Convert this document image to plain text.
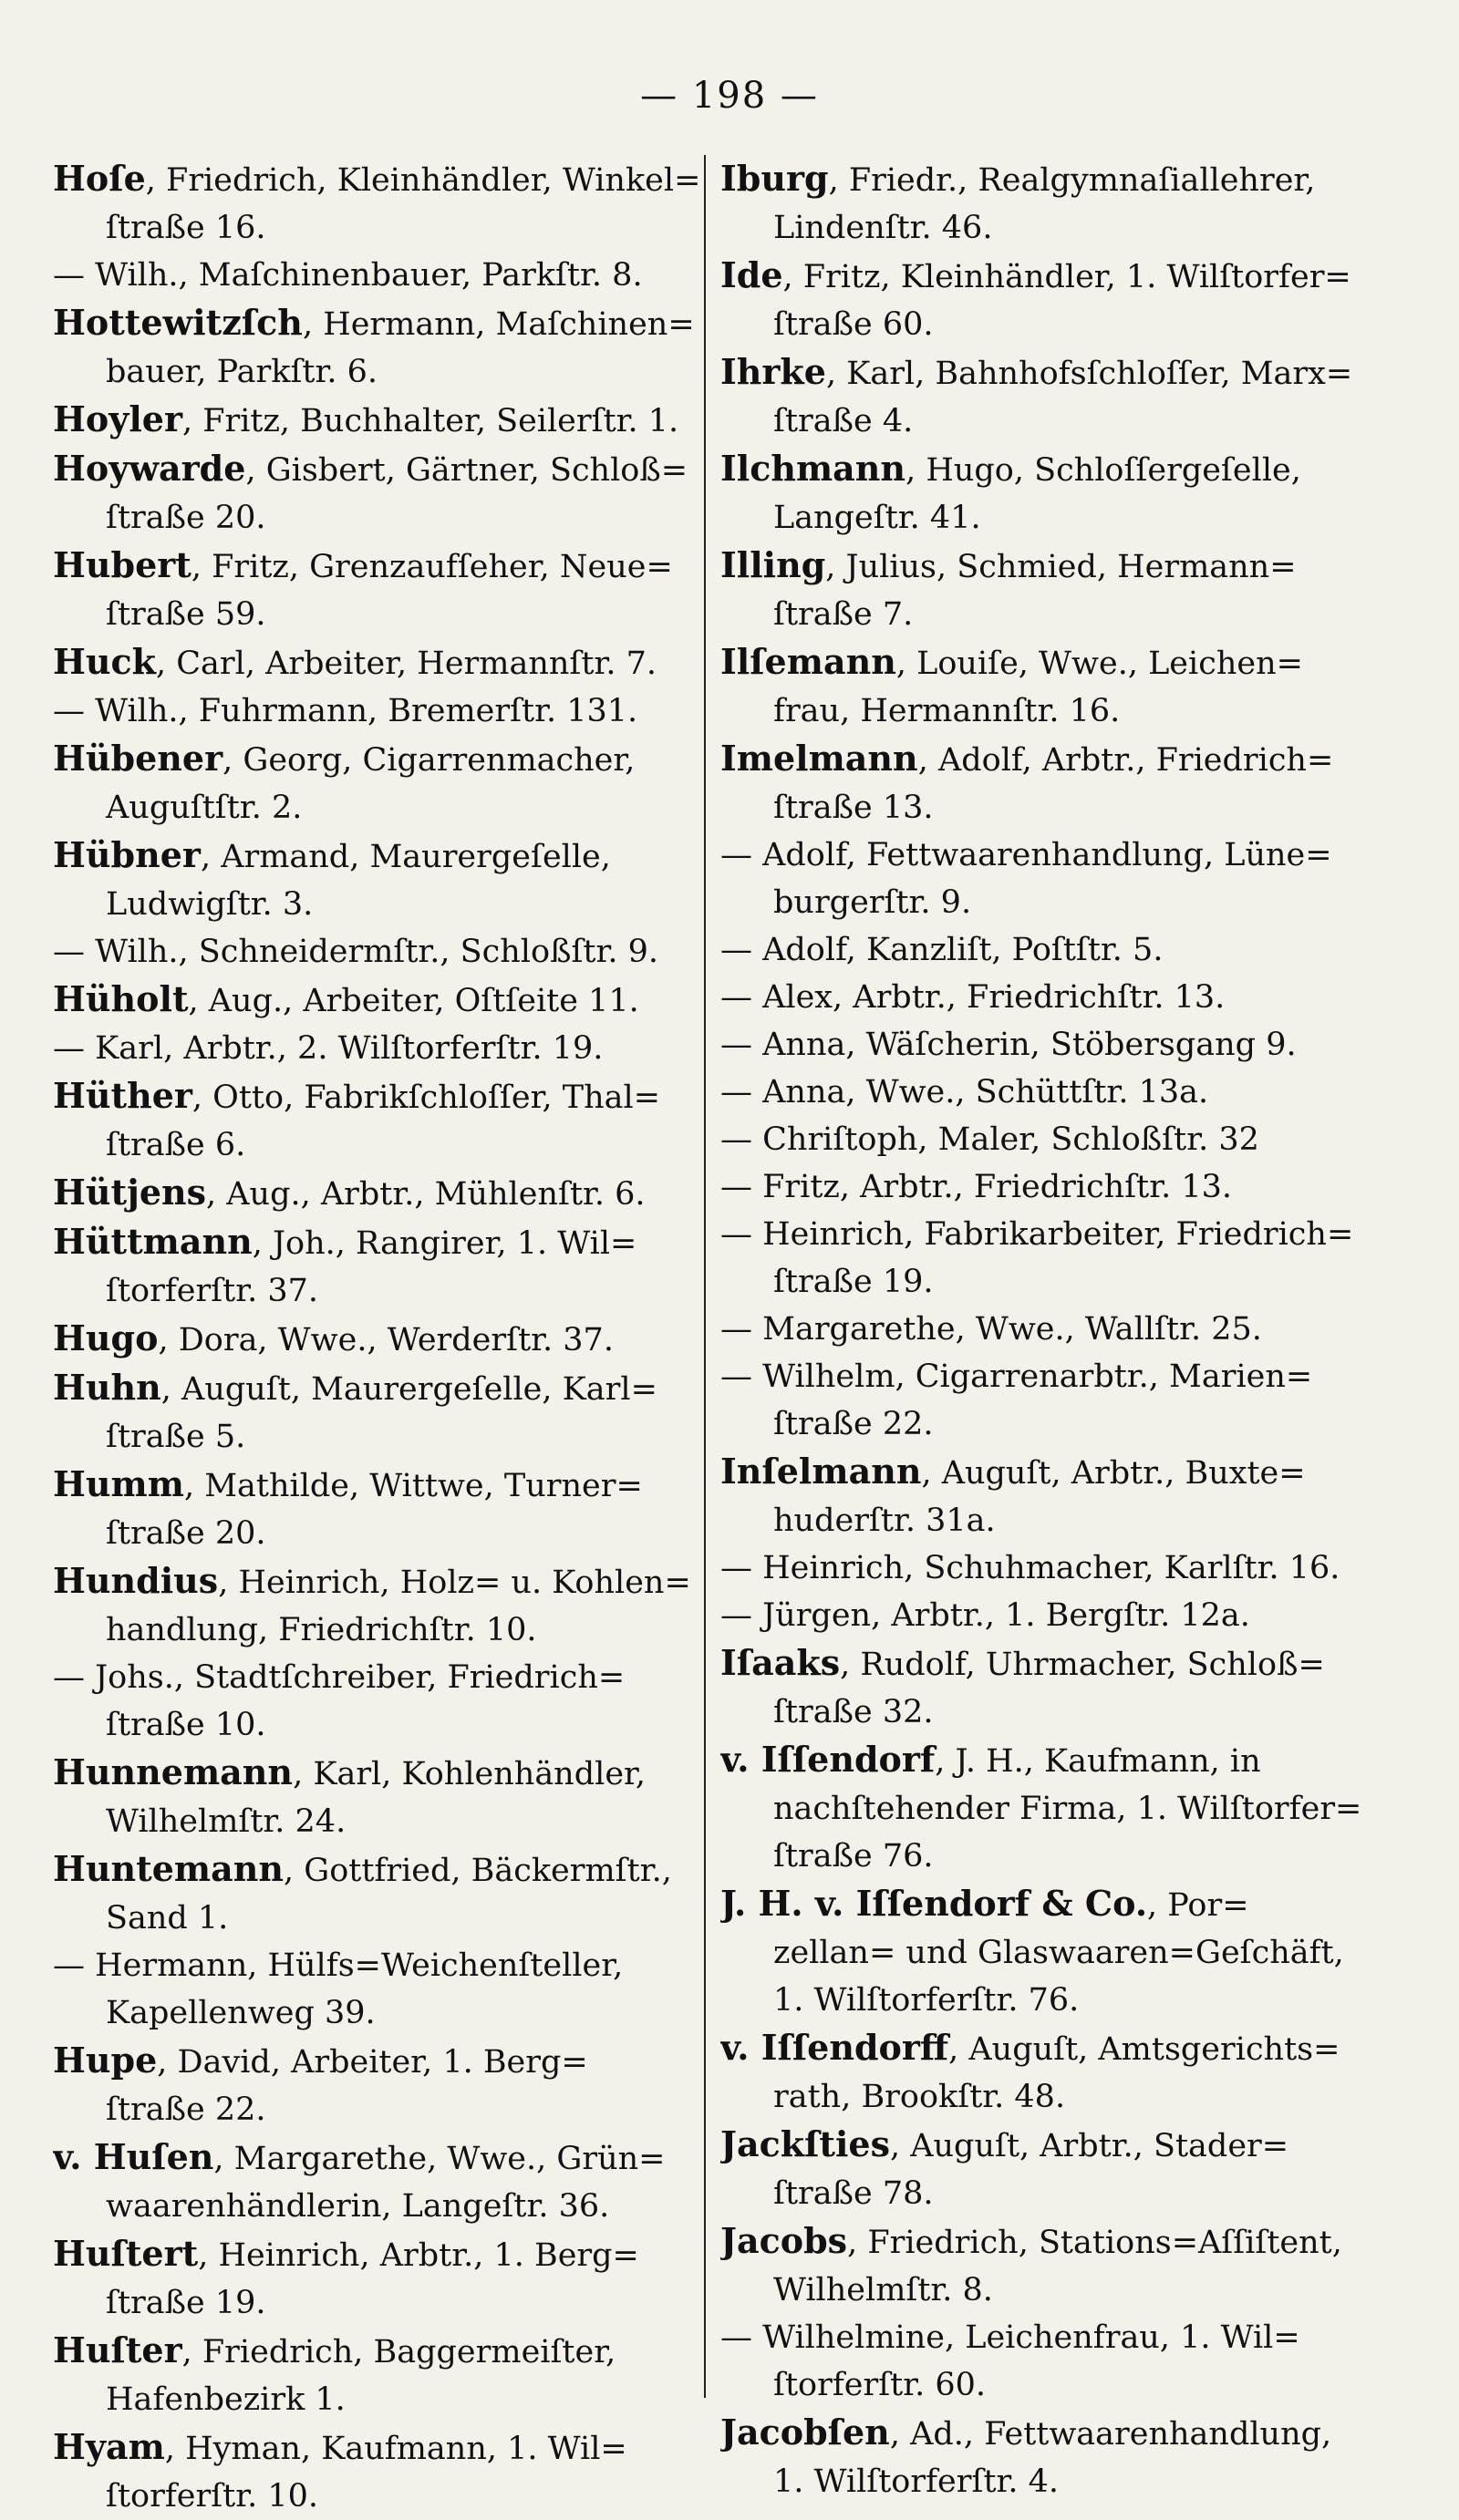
— 198 —

Hoſe, Friedrich, Kleinhändler, Winkel=
ſtraße 16.

— Wilh., Maſchinenbauer, Parkſtr. 8.

Hottewitzſch, Hermann, Maſchinen=
bauer, Parkſtr. 6.

Hoyler, Fritz, Buchhalter, Seilerſtr. 1.

Hoywarde, Gisbert, Gärtner, Schloß=
ſtraße 20.

Hubert, Fritz, Grenzaufſeher, Neue=
ſtraße 59.

Huck, Carl, Arbeiter, Hermannſtr. 7.

— Wilh., Fuhrmann, Bremerſtr. 131.

Hübener, Georg, Cigarrenmacher,
Auguſtſtr. 2.

Hübner, Armand, Maurergeſelle,
Ludwigſtr. 3.

— Wilh., Schneidermſtr., Schloßſtr. 9.

Hüholt, Aug., Arbeiter, Oſtſeite 11.

— Karl, Arbtr., 2. Wilſtorferſtr. 19.

Hüther, Otto, Fabrikſchloſſer, Thal=
ſtraße 6.

Hütjens, Aug., Arbtr., Mühlenſtr. 6.

Hüttmann, Joh., Rangirer, 1. Wil=
ſtorferſtr. 37.

Hugo, Dora, Wwe., Werderſtr. 37.

Huhn, Auguſt, Maurergeſelle, Karl=
ſtraße 5.

Humm, Mathilde, Wittwe, Turner=
ſtraße 20.

Hundius, Heinrich, Holz= u. Kohlen=
handlung, Friedrichſtr. 10.

— Johs., Stadtſchreiber, Friedrich=
ſtraße 10.

Hunnemann, Karl, Kohlenhändler,
Wilhelmſtr. 24.

Huntemann, Gottfried, Bäckermſtr.,
Sand 1.

— Hermann, Hülfs=Weichenſteller,
Kapellenweg 39.

Hupe, David, Arbeiter, 1. Berg=
ſtraße 22.

v. Huſen, Margarethe, Wwe., Grün=
waarenhändlerin, Langeſtr. 36.

Huſtert, Heinrich, Arbtr., 1. Berg=
ſtraße 19.

Huſter, Friedrich, Baggermeiſter,
Hafenbezirk 1.

Hyam, Hyman, Kaufmann, 1. Wil=
ſtorferſtr. 10.

Iburg, Friedr., Realgymnaſiallehrer,
Lindenſtr. 46.

Ide, Fritz, Kleinhändler, 1. Wilſtorfer=
ſtraße 60.

Ihrke, Karl, Bahnhofsſchloſſer, Marx=
ſtraße 4.

Ilchmann, Hugo, Schloſſergeſelle,
Langeſtr. 41.

Illing, Julius, Schmied, Hermann=
ſtraße 7.

Ilſemann, Louiſe, Wwe., Leichen=
frau, Hermannſtr. 16.

Imelmann, Adolf, Arbtr., Friedrich=
ſtraße 13.

— Adolf, Fettwaarenhandlung, Lüne=
burgerſtr. 9.

— Adolf, Kanzliſt, Poſtſtr. 5.

— Alex, Arbtr., Friedrichſtr. 13.

— Anna, Wäſcherin, Stöbersgang 9.

— Anna, Wwe., Schüttſtr. 13a.

— Chriſtoph, Maler, Schloßſtr. 32

— Fritz, Arbtr., Friedrichſtr. 13.

— Heinrich, Fabrikarbeiter, Friedrich=
ſtraße 19.

— Margarethe, Wwe., Wallſtr. 25.

— Wilhelm, Cigarrenarbtr., Marien=
ſtraße 22.

Inſelmann, Auguſt, Arbtr., Buxte=
huderſtr. 31a.

— Heinrich, Schuhmacher, Karlſtr. 16.

— Jürgen, Arbtr., 1. Bergſtr. 12a.

Iſaaks, Rudolf, Uhrmacher, Schloß=
ſtraße 32.

v. Iſſendorf, J. H., Kaufmann, in
nachſtehender Firma, 1. Wilſtorfer=
ſtraße 76.

J. H. v. Iſſendorf & Co., Por=
zellan= und Glaswaaren=Geſchäft,
1. Wilſtorferſtr. 76.

v. Iſſendorff, Auguſt, Amtsgerichts=
rath, Brookſtr. 48.

Jackſties, Auguſt, Arbtr., Stader=
ſtraße 78.

Jacobs, Friedrich, Stations=Aſſiſtent,
Wilhelmſtr. 8.

— Wilhelmine, Leichenfrau, 1. Wil=
ſtorferſtr. 60.

Jacobſen, Ad., Fettwaarenhandlung,
1. Wilſtorferſtr. 4.
